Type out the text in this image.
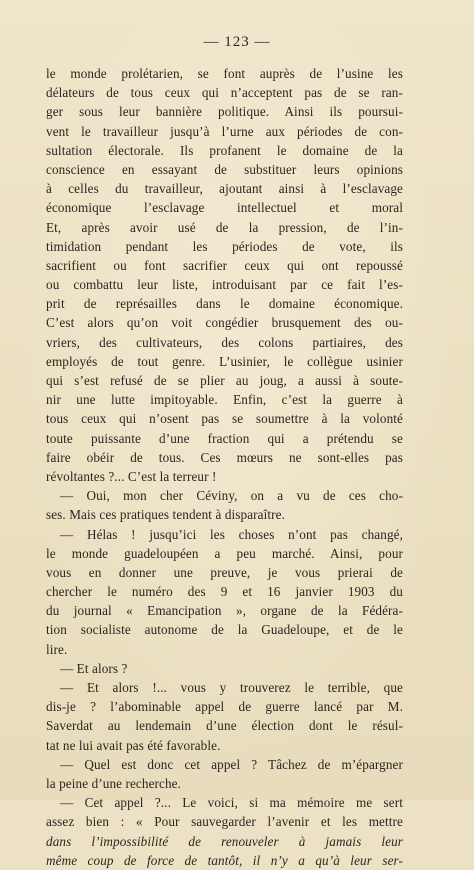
— 123 —
le monde prolétarien, se font auprès de l’usine les
délateurs de tous ceux qui n’acceptent pas de se ran-
ger sous leur bannière politique. Ainsi ils poursui-
vent le travailleur jusqu’à l’urne aux périodes de con-
sultation électorale. Ils profanent le domaine de la
conscience en essayant de substituer leurs opinions
à celles du travailleur, ajoutant ainsi à l’esclavage
économique l’esclavage intellectuel et moral
Et, après avoir usé de la pression, de l’in-
timidation pendant les périodes de vote, ils
sacrifient ou font sacrifier ceux qui ont repoussé
ou combattu leur liste, introduisant par ce fait l’es-
prit de représailles dans le domaine économique.
C’est alors qu’on voit congédier brusquement des ou-
vriers, des cultivateurs, des colons partiaires, des
employés de tout genre. L’usinier, le collègue usinier
qui s’est refusé de se plier au joug, a aussi à soute-
nir une lutte impitoyable. Enfin, c’est la guerre à
tous ceux qui n’osent pas se soumettre à la volonté
toute puissante d’une fraction qui a prétendu se
faire obéir de tous. Ces mœurs ne sont-elles pas
révoltantes ?... C’est la terreur !
— Oui, mon cher Céviny, on a vu de ces cho-
ses. Mais ces pratiques tendent à disparaître.
— Hélas ! jusqu’ici les choses n’ont pas changé,
le monde guadeloupéen a peu marché. Ainsi, pour
vous en donner une preuve, je vous prierai de
chercher le numéro des 9 et 16 janvier 1903 du
du journal « Emancipation », organe de la Fédéra-
tion socialiste autonome de la Guadeloupe, et de le
lire.
— Et alors ?
— Et alors !... vous y trouverez le terrible, que
dis-je ? l’abominable appel de guerre lancé par M.
Saverdat au lendemain d’une élection dont le résul-
tat ne lui avait pas été favorable.
— Quel est donc cet appel ? Tâchez de m’épargner
la peine d’une recherche.
— Cet appel ?... Le voici, si ma mémoire me sert
assez bien : « Pour sauvegarder l’avenir et les mettre
dans l’impossibilité de renouveler à jamais leur
même coup de force de tantôt, il n’y a qu’à leur ser-
